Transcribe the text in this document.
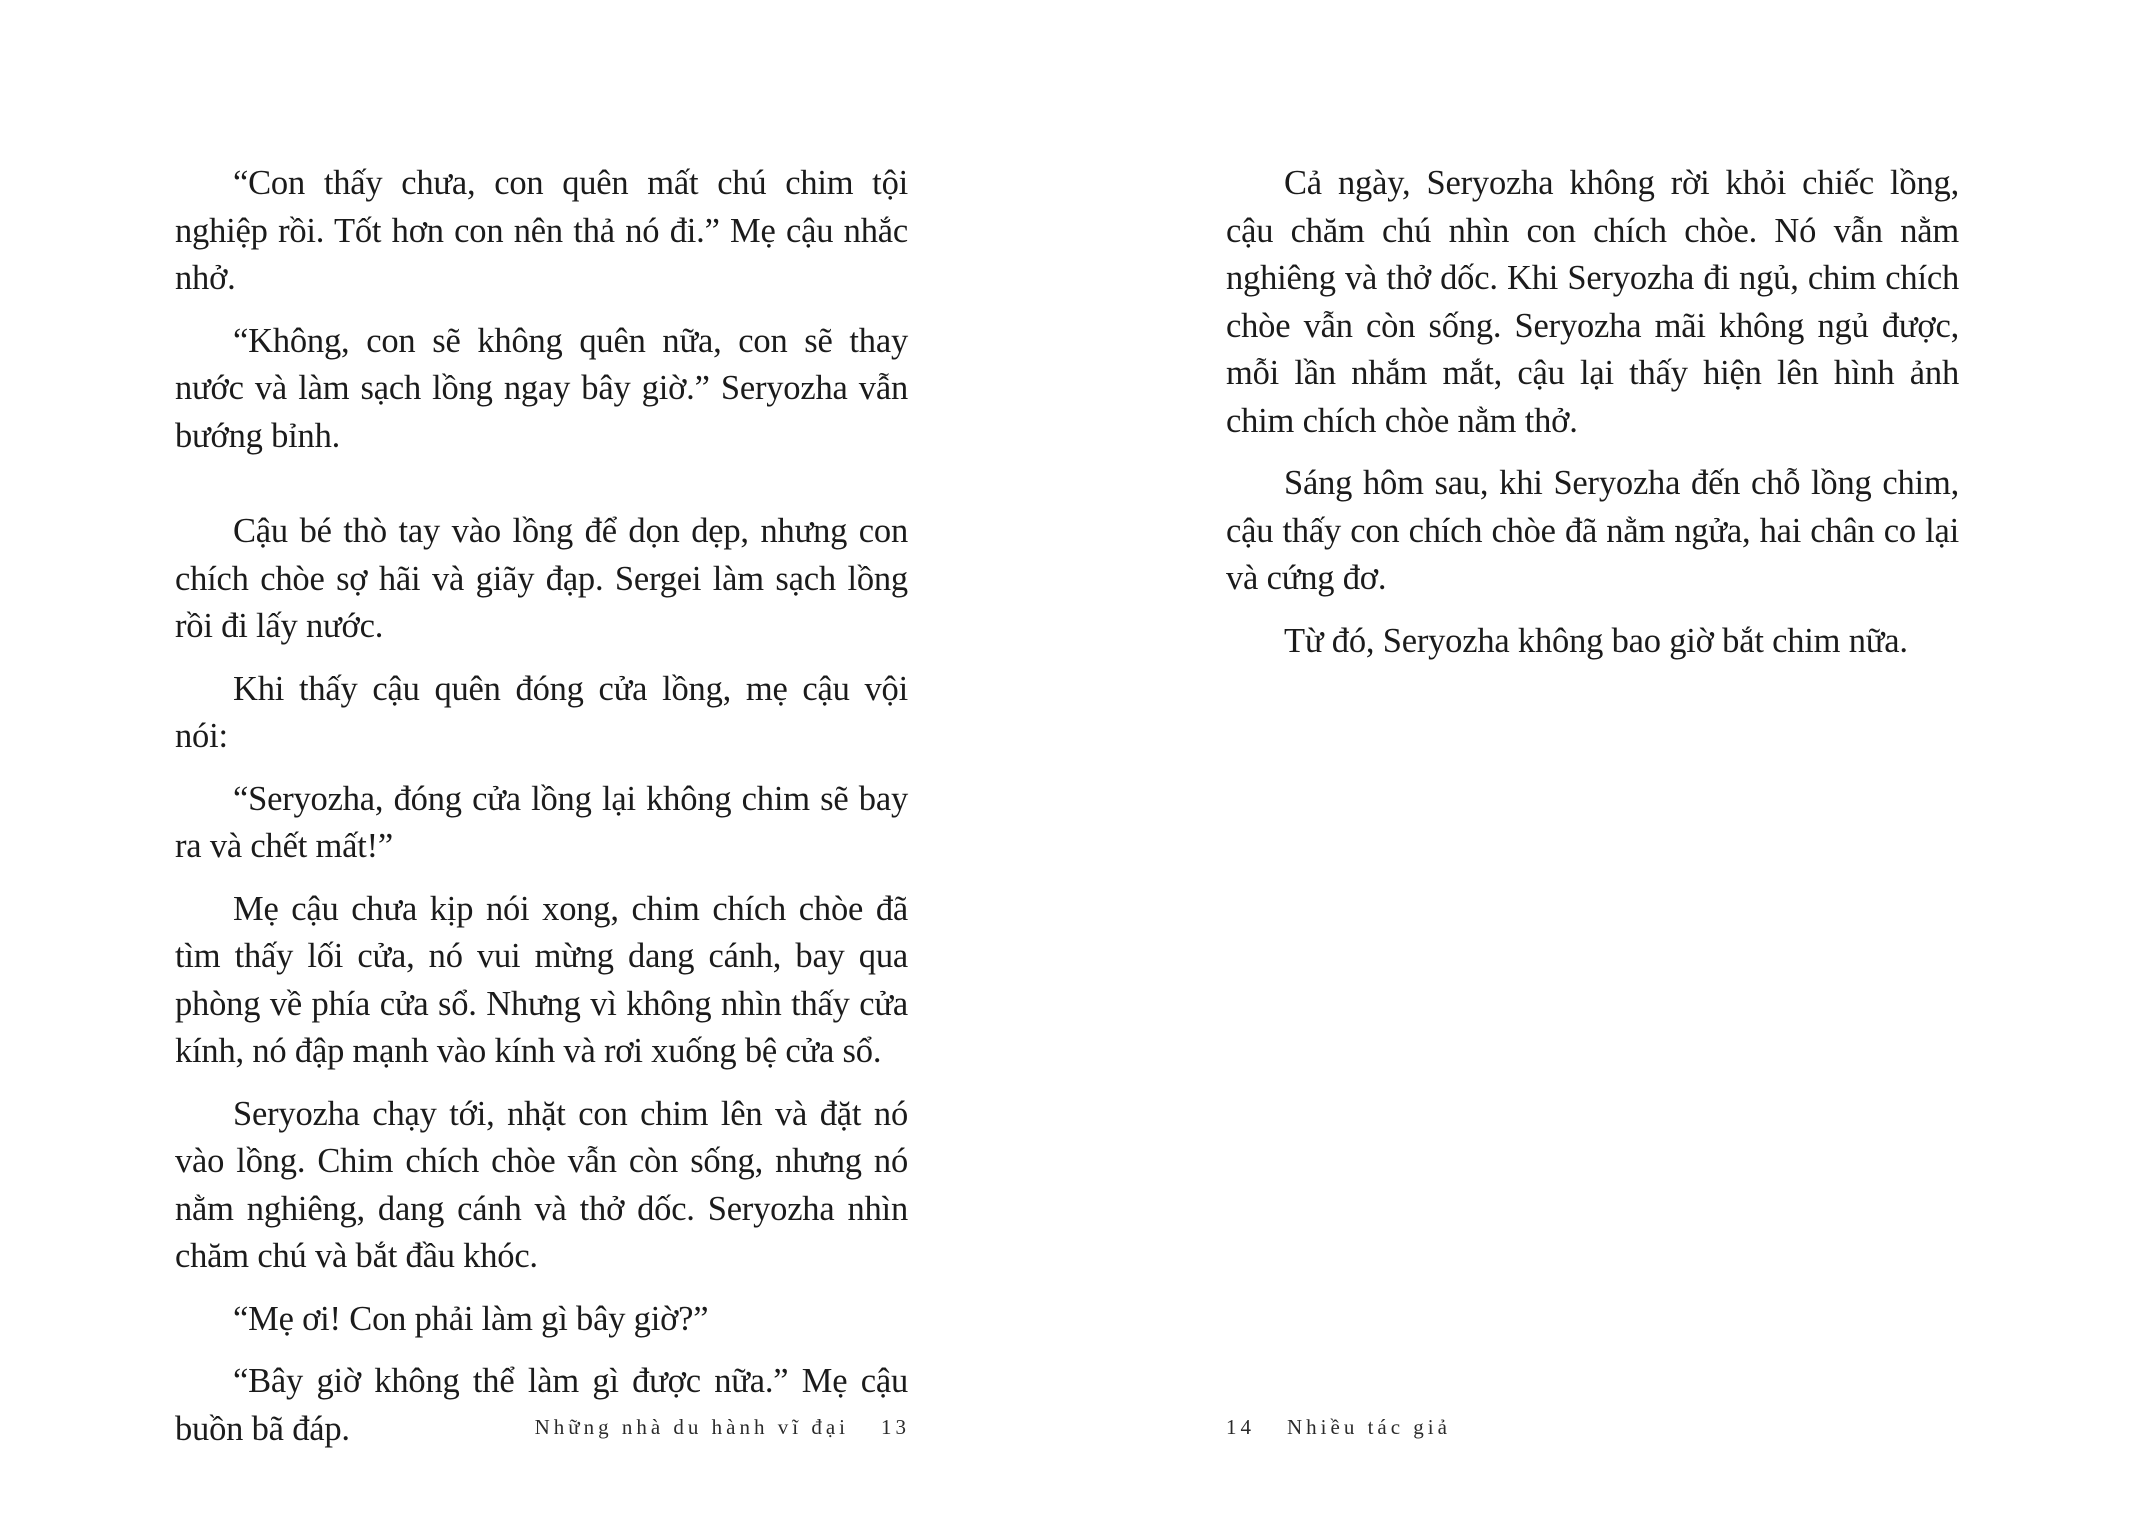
“Con thấy chưa, con quên mất chú chim tội nghiệp rồi. Tốt hơn con nên thả nó đi.” Mẹ cậu nhắc nhở.

“Không, con sẽ không quên nữa, con sẽ thay nước và làm sạch lồng ngay bây giờ.” Seryozha vẫn bướng bỉnh.

Cậu bé thò tay vào lồng để dọn dẹp, nhưng con chích chòe sợ hãi và giãy đạp. Sergei làm sạch lồng rồi đi lấy nước.

Khi thấy cậu quên đóng cửa lồng, mẹ cậu vội nói:

“Seryozha, đóng cửa lồng lại không chim sẽ bay ra và chết mất!”

Mẹ cậu chưa kịp nói xong, chim chích chòe đã tìm thấy lối cửa, nó vui mừng dang cánh, bay qua phòng về phía cửa sổ. Nhưng vì không nhìn thấy cửa kính, nó đập mạnh vào kính và rơi xuống bệ cửa sổ.

Seryozha chạy tới, nhặt con chim lên và đặt nó vào lồng. Chim chích chòe vẫn còn sống, nhưng nó nằm nghiêng, dang cánh và thở dốc. Seryozha nhìn chăm chú và bắt đầu khóc.

“Mẹ ơi! Con phải làm gì bây giờ?”

“Bây giờ không thể làm gì được nữa.” Mẹ cậu buồn bã đáp.	Những nhà du hành vĩ đại 13

Cả ngày, Seryozha không rời khỏi chiếc lồng, cậu chăm chú nhìn con chích chòe. Nó vẫn nằm nghiêng và thở dốc. Khi Seryozha đi ngủ, chim chích chòe vẫn còn sống. Seryozha mãi không ngủ được, mỗi lần nhắm mắt, cậu lại thấy hiện lên hình ảnh chim chích chòe nằm thở.

Sáng hôm sau, khi Seryozha đến chỗ lồng chim, cậu thấy con chích chòe đã nằm ngửa, hai chân co lại và cứng đơ.

Từ đó, Seryozha không bao giờ bắt chim nữa.

14 Nhiều tác giả
